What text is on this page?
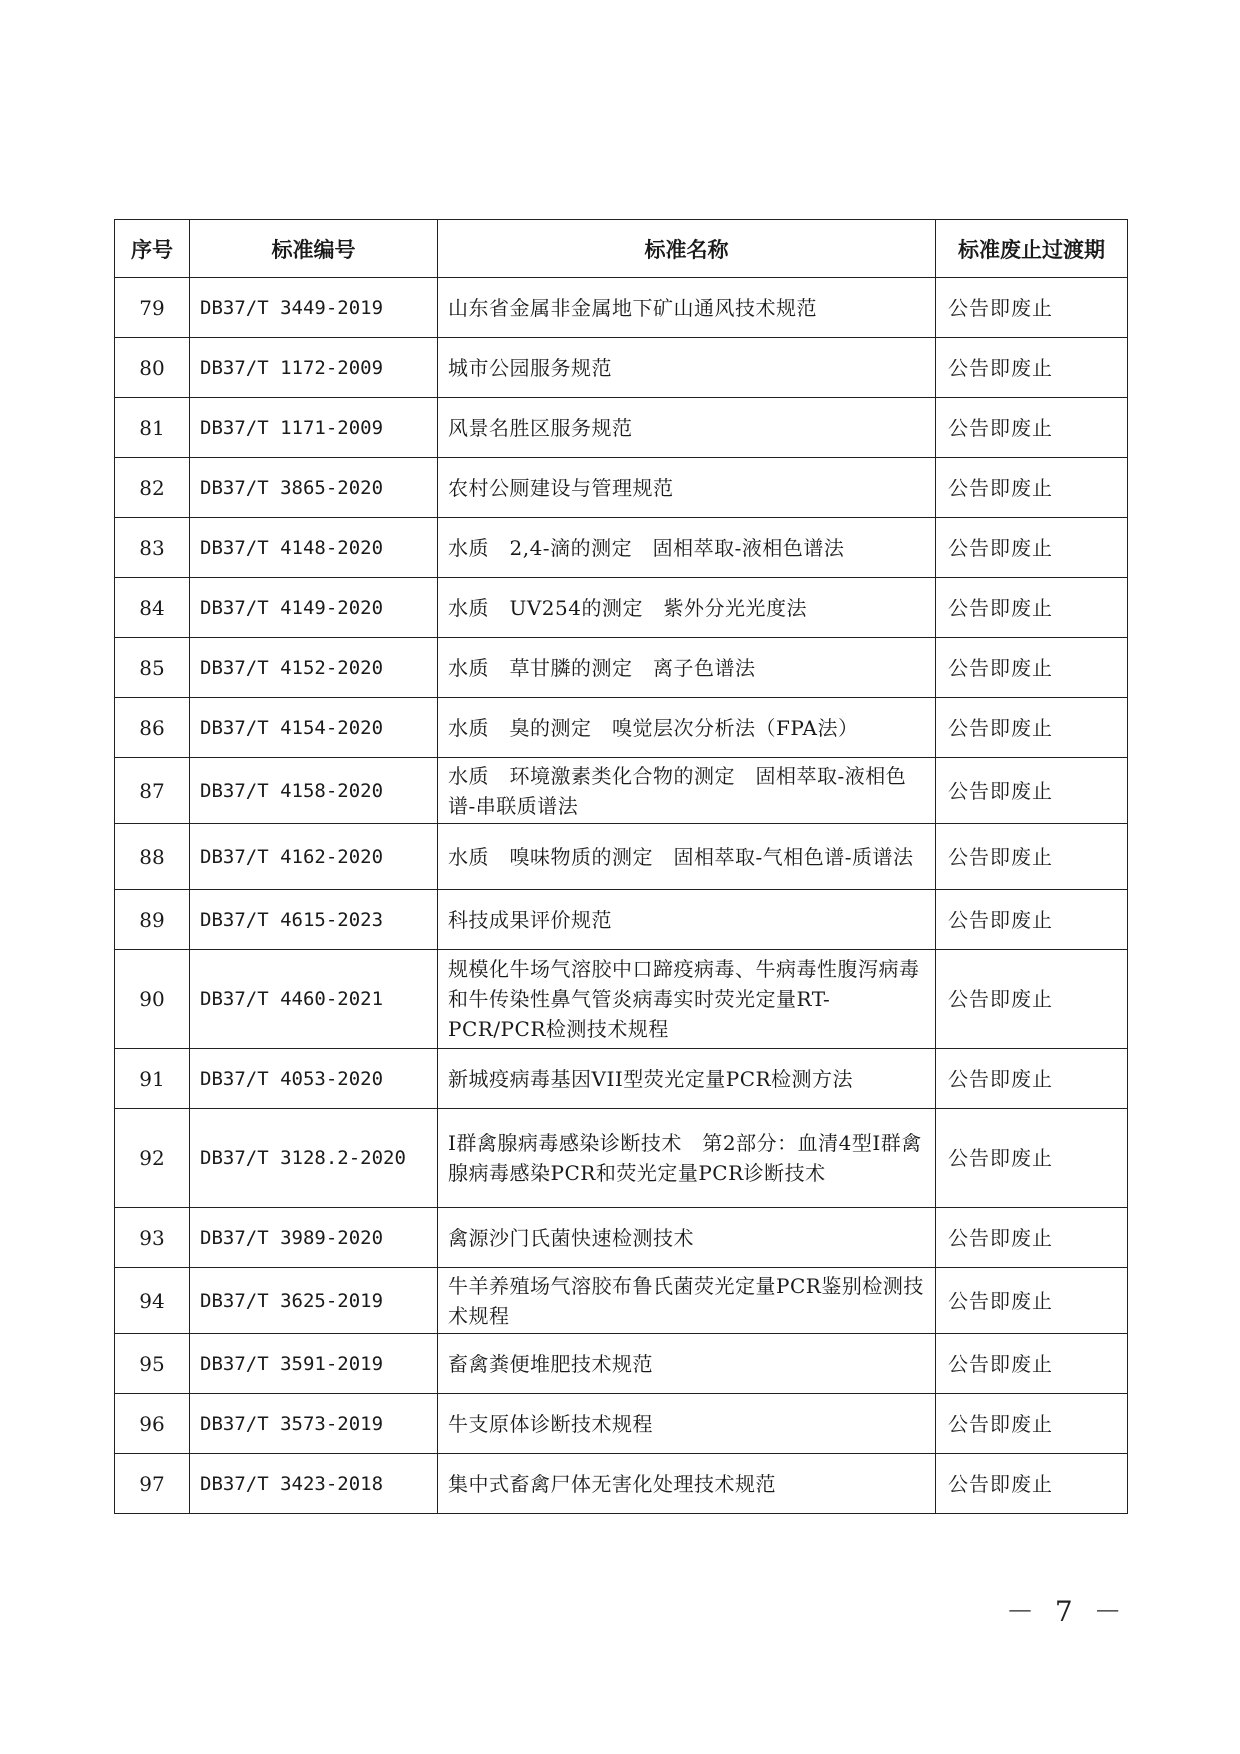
序号	标准编号	标准名称	标准废止过渡期
79	DB37/T 3449-2019	山东省金属非金属地下矿山通风技术规范	公告即废止
80	DB37/T 1172-2009	城市公园服务规范	公告即废止
81	DB37/T 1171-2009	风景名胜区服务规范	公告即废止
82	DB37/T 3865-2020	农村公厕建设与管理规范	公告即废止
83	DB37/T 4148-2020	水质　2,4-滴的测定　固相萃取-液相色谱法	公告即废止
84	DB37/T 4149-2020	水质　UV254的测定　紫外分光光度法	公告即废止
85	DB37/T 4152-2020	水质　草甘膦的测定　离子色谱法	公告即废止
86	DB37/T 4154-2020	水质　臭的测定　嗅觉层次分析法（FPA法）	公告即废止
87	DB37/T 4158-2020	水质　环境激素类化合物的测定　固相萃取-液相色谱-串联质谱法	公告即废止
88	DB37/T 4162-2020	水质　嗅味物质的测定　固相萃取-气相色谱-质谱法	公告即废止
89	DB37/T 4615-2023	科技成果评价规范	公告即废止
90	DB37/T 4460-2021	规模化牛场气溶胶中口蹄疫病毒、牛病毒性腹泻病毒和牛传染性鼻气管炎病毒实时荧光定量RT-PCR/PCR检测技术规程	公告即废止
91	DB37/T 4053-2020	新城疫病毒基因VII型荧光定量PCR检测方法	公告即废止
92	DB37/T 3128.2-2020	I群禽腺病毒感染诊断技术　第2部分：血清4型I群禽腺病毒感染PCR和荧光定量PCR诊断技术	公告即废止
93	DB37/T 3989-2020	禽源沙门氏菌快速检测技术	公告即废止
94	DB37/T 3625-2019	牛羊养殖场气溶胶布鲁氏菌荧光定量PCR鉴别检测技术规程	公告即废止
95	DB37/T 3591-2019	畜禽粪便堆肥技术规范	公告即废止
96	DB37/T 3573-2019	牛支原体诊断技术规程	公告即废止
97	DB37/T 3423-2018	集中式畜禽尸体无害化处理技术规范	公告即废止
－ 7 －
